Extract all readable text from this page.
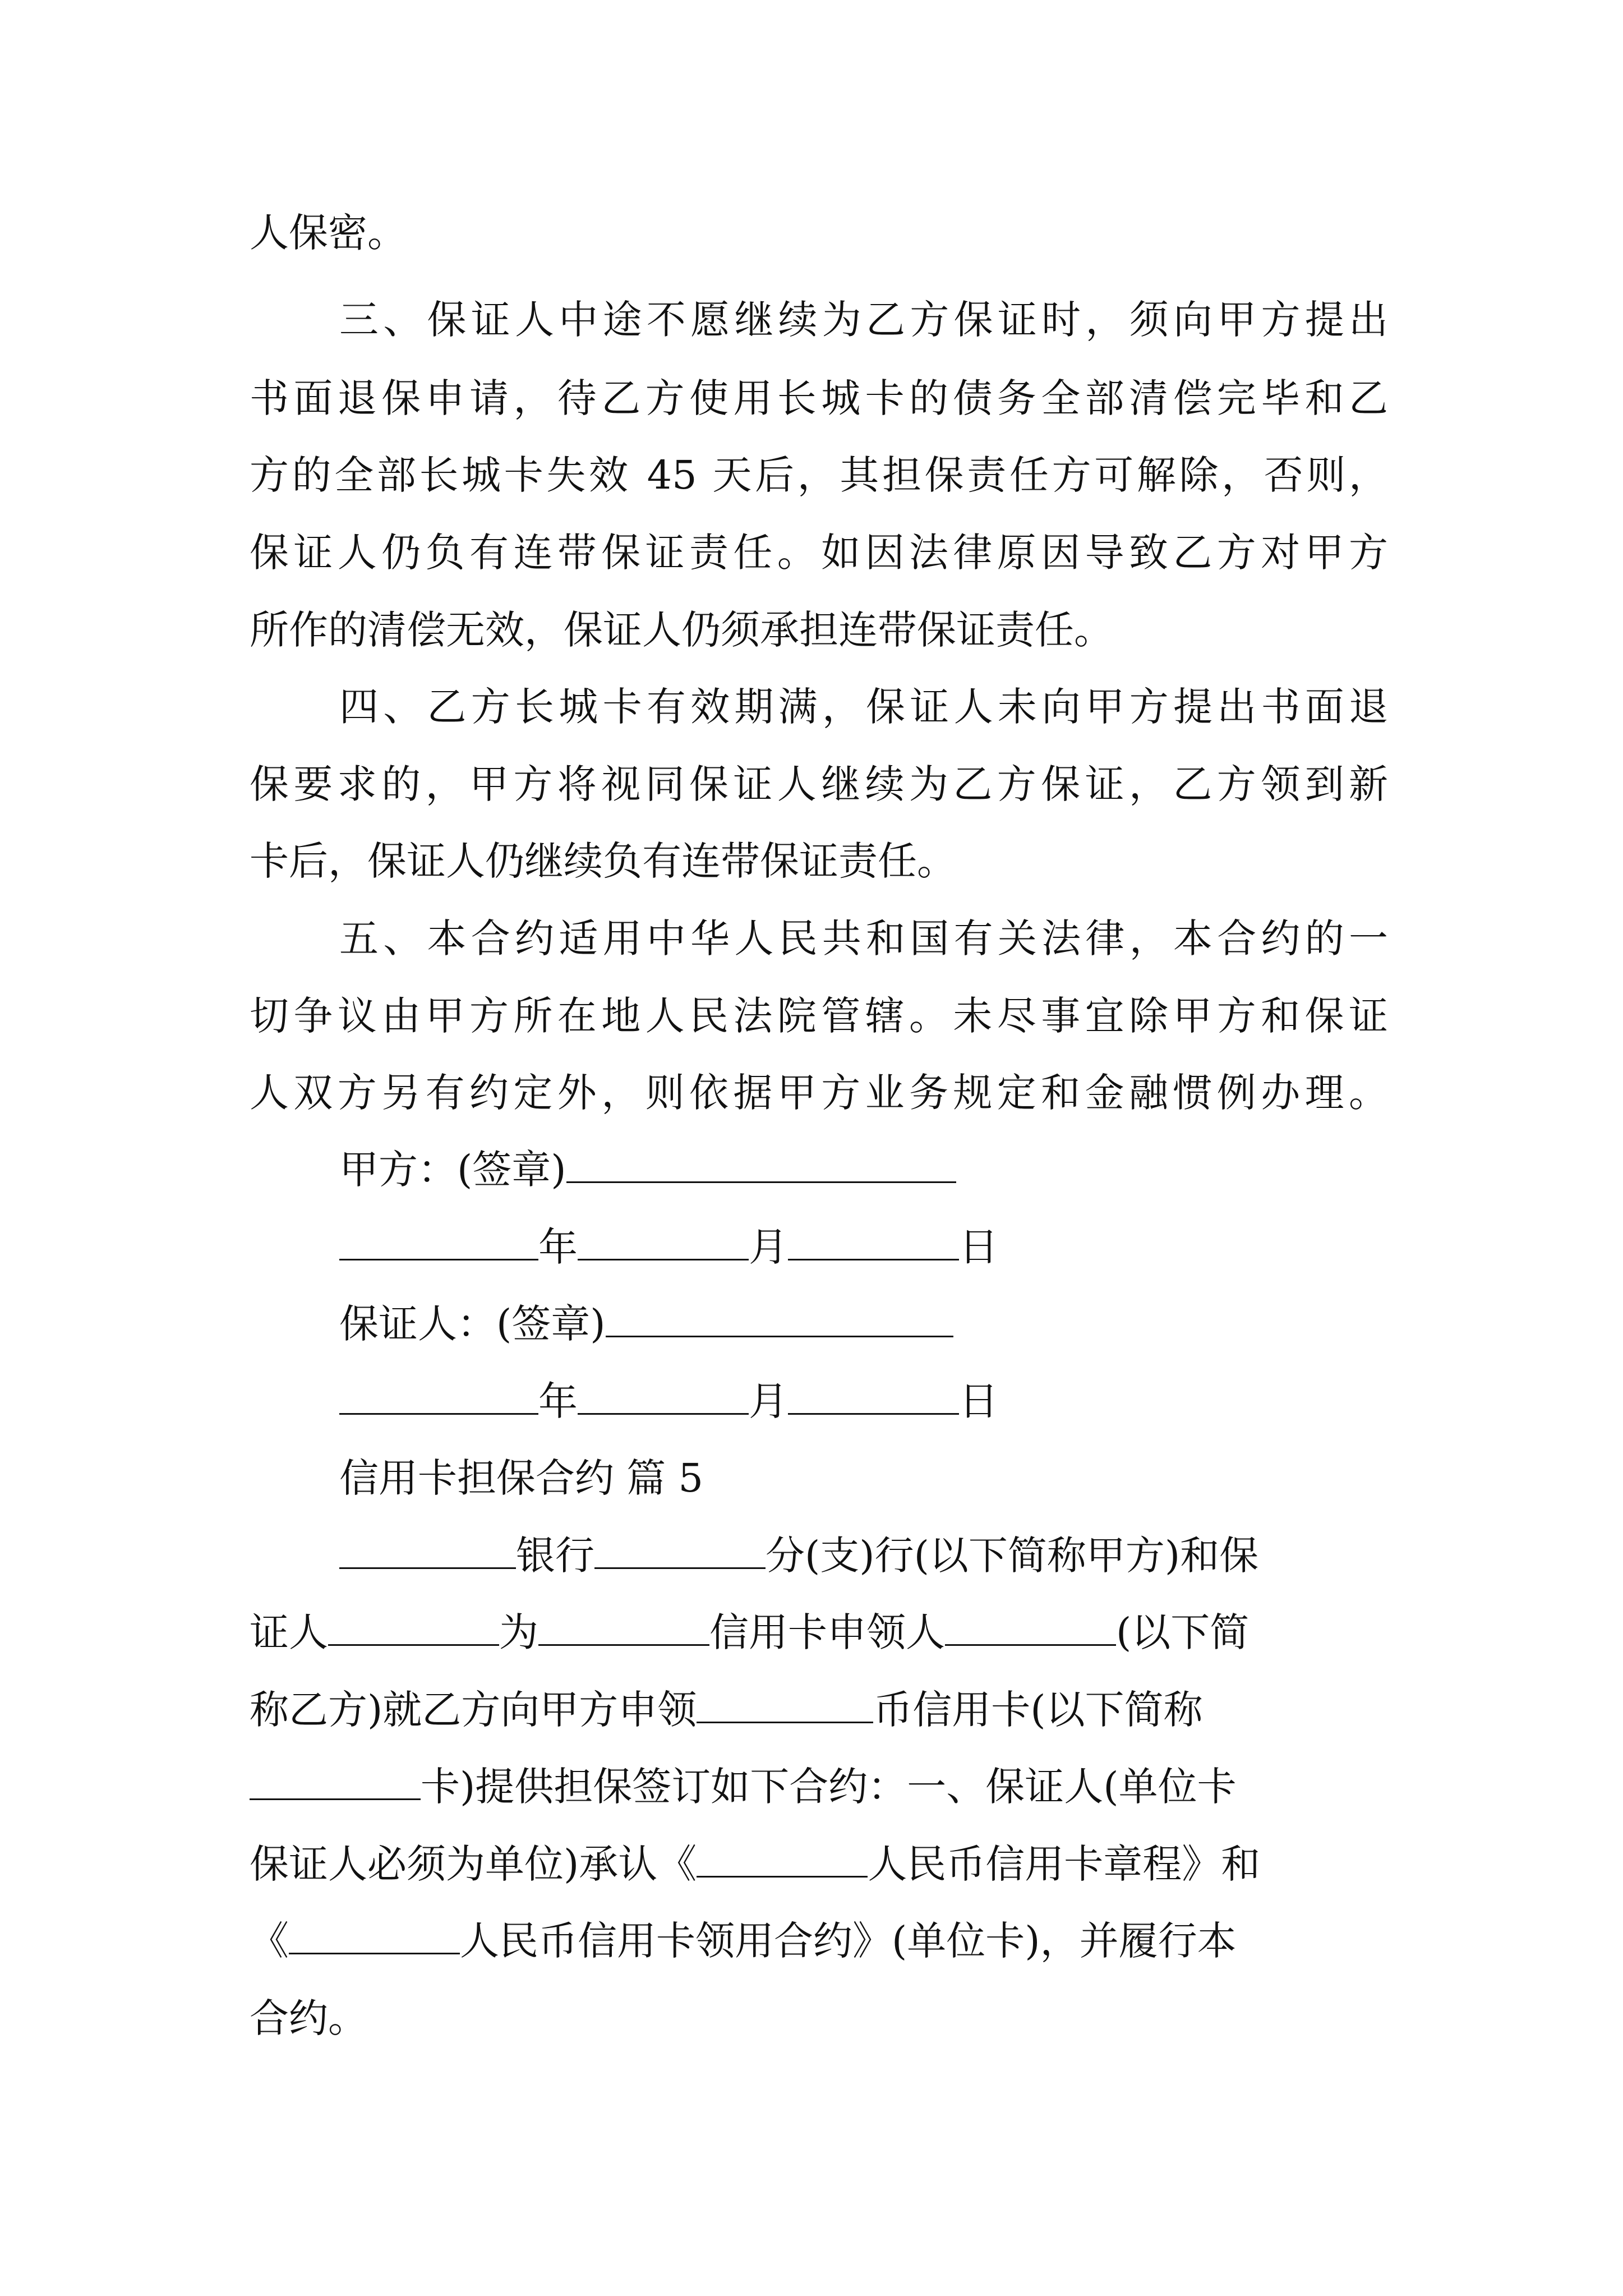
人保密。
三、保证人中途不愿继续为乙方保证时，须向甲方提出
书面退保申请，待乙方使用长城卡的债务全部清偿完毕和乙
方的全部长城卡失效 45 天后，其担保责任方可解除，否则，
保证人仍负有连带保证责任。如因法律原因导致乙方对甲方
所作的清偿无效，保证人仍须承担连带保证责任。
四、乙方长城卡有效期满，保证人未向甲方提出书面退
保要求的，甲方将视同保证人继续为乙方保证，乙方领到新
卡后，保证人仍继续负有连带保证责任。
五、本合约适用中华人民共和国有关法律，本合约的一
切争议由甲方所在地人民法院管辖。未尽事宜除甲方和保证
人双方另有约定外，则依据甲方业务规定和金融惯例办理。
甲方：(签章)
年	月	日
保证人：(签章)
年	月	日
信用卡担保合约 篇 5
银行	分(支)行(以下简称甲方)和保
证人	为	信用卡申领人	(以下简
称乙方)就乙方向甲方申领	币信用卡(以下简称
卡)提供担保签订如下合约：一、保证人(单位卡
保证人必须为单位)承认《	人民币信用卡章程》和
《	人民币信用卡领用合约》(单位卡)，并履行本
合约。
